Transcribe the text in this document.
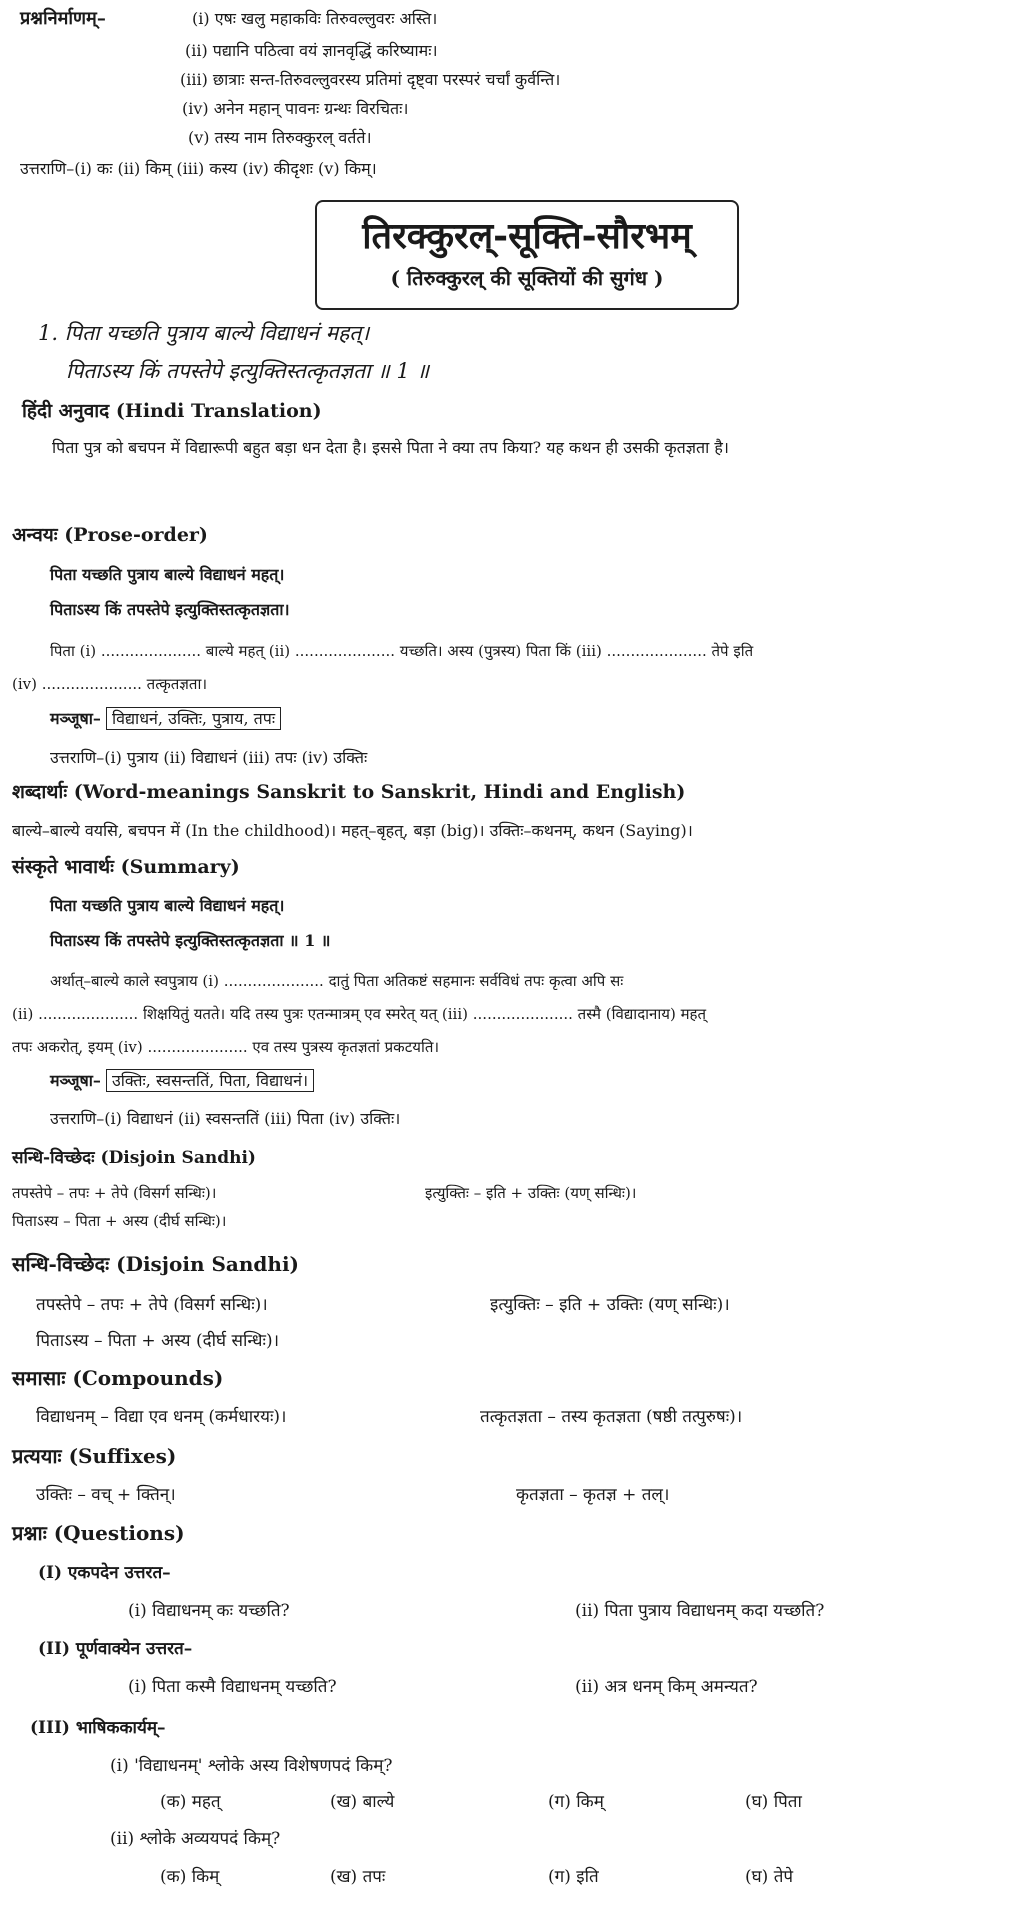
प्रश्ननिर्माणम्–	(i) एषः खलु महाकविः तिरुवल्लुवरः अस्ति।
(ii) पद्यानि पठित्वा वयं ज्ञानवृद्धिं करिष्यामः।
(iii) छात्राः सन्त-तिरुवल्लुवरस्य प्रतिमां दृष्ट्वा परस्परं चर्चां कुर्वन्ति।
(iv) अनेन महान् पावनः ग्रन्थः विरचितः।
(v) तस्य नाम तिरुक्कुरल् वर्तते।
उत्तराणि–(i) कः (ii) किम् (iii) कस्य (iv) कीदृशः (v) किम्।
तिरक्कुरल्-सूक्ति-सौरभम्
( तिरुक्कुरल् की सूक्तियों की सुगंध )
1. पिता यच्छति पुत्राय बाल्ये विद्याधनं महत्।
पिताऽस्य किं तपस्तेपे इत्युक्तिस्तत्कृतज्ञता ॥ 1 ॥
हिंदी अनुवाद (Hindi Translation)
पिता पुत्र को बचपन में विद्यारूपी बहुत बड़ा धन देता है। इससे पिता ने क्या तप किया? यह कथन ही उसकी कृतज्ञता है।
अन्वयः (Prose-order)
पिता यच्छति पुत्राय बाल्ये विद्याधनं महत्।
पिताऽस्य किं तपस्तेपे इत्युक्तिस्तत्कृतज्ञता।
पिता (i) ..................... बाल्ये महत् (ii) ..................... यच्छति। अस्य (पुत्रस्य) पिता किं (iii) ..................... तेपे इति
(iv) ..................... तत्कृतज्ञता।
मञ्जूषा– विद्याधनं, उक्तिः, पुत्राय, तपः
उत्तराणि–(i) पुत्राय (ii) विद्याधनं (iii) तपः (iv) उक्तिः
शब्दार्थाः (Word-meanings Sanskrit to Sanskrit, Hindi and English)
बाल्ये–बाल्ये वयसि, बचपन में (In the childhood)। महत्–बृहत्, बड़ा (big)। उक्तिः–कथनम्, कथन (Saying)।
संस्कृते भावार्थः (Summary)
पिता यच्छति पुत्राय बाल्ये विद्याधनं महत्।
पिताऽस्य किं तपस्तेपे इत्युक्तिस्तत्कृतज्ञता ॥ 1 ॥
अर्थात्–बाल्ये काले स्वपुत्राय (i) ..................... दातुं पिता अतिकष्टं सहमानः सर्वविधं तपः कृत्वा अपि सः
(ii) ..................... शिक्षयितुं यतते। यदि तस्य पुत्रः एतन्मात्रम् एव स्मरेत् यत् (iii) ..................... तस्मै (विद्यादानाय) महत्
तपः अकरोत्, इयम् (iv) ..................... एव तस्य पुत्रस्य कृतज्ञतां प्रकटयति।
मञ्जूषा– उक्तिः, स्वसन्ततिं, पिता, विद्याधनं।
उत्तराणि–(i) विद्याधनं (ii) स्वसन्ततिं (iii) पिता (iv) उक्तिः।
सन्धि-विच्छेदः (Disjoin Sandhi)
तपस्तेपे – तपः + तेपे (विसर्ग सन्धिः)।	इत्युक्तिः – इति + उक्तिः (यण् सन्धिः)।
पिताऽस्य – पिता + अस्य (दीर्घ सन्धिः)।
सन्धि-विच्छेदः (Disjoin Sandhi)
तपस्तेपे – तपः + तेपे (विसर्ग सन्धिः)।	इत्युक्तिः – इति + उक्तिः (यण् सन्धिः)।
पिताऽस्य – पिता + अस्य (दीर्घ सन्धिः)।
समासाः (Compounds)
विद्याधनम् – विद्या एव धनम् (कर्मधारयः)।	तत्कृतज्ञता – तस्य कृतज्ञता (षष्ठी तत्पुरुषः)।
प्रत्ययाः (Suffixes)
उक्तिः – वच् + क्तिन्।	कृतज्ञता – कृतज्ञ + तल्।
प्रश्नाः (Questions)
(I) एकपदेन उत्तरत–
(i) विद्याधनम् कः यच्छति?	(ii) पिता पुत्राय विद्याधनम् कदा यच्छति?
(II) पूर्णवाक्येन उत्तरत–
(i) पिता कस्मै विद्याधनम् यच्छति?	(ii) अत्र धनम् किम् अमन्यत?
(III) भाषिककार्यम्–
(i) 'विद्याधनम्' श्लोके अस्य विशेषणपदं किम्?
(क) महत्	(ख) बाल्ये	(ग) किम्	(घ) पिता
(ii) श्लोके अव्ययपदं किम्?
(क) किम्	(ख) तपः	(ग) इति	(घ) तेपे
